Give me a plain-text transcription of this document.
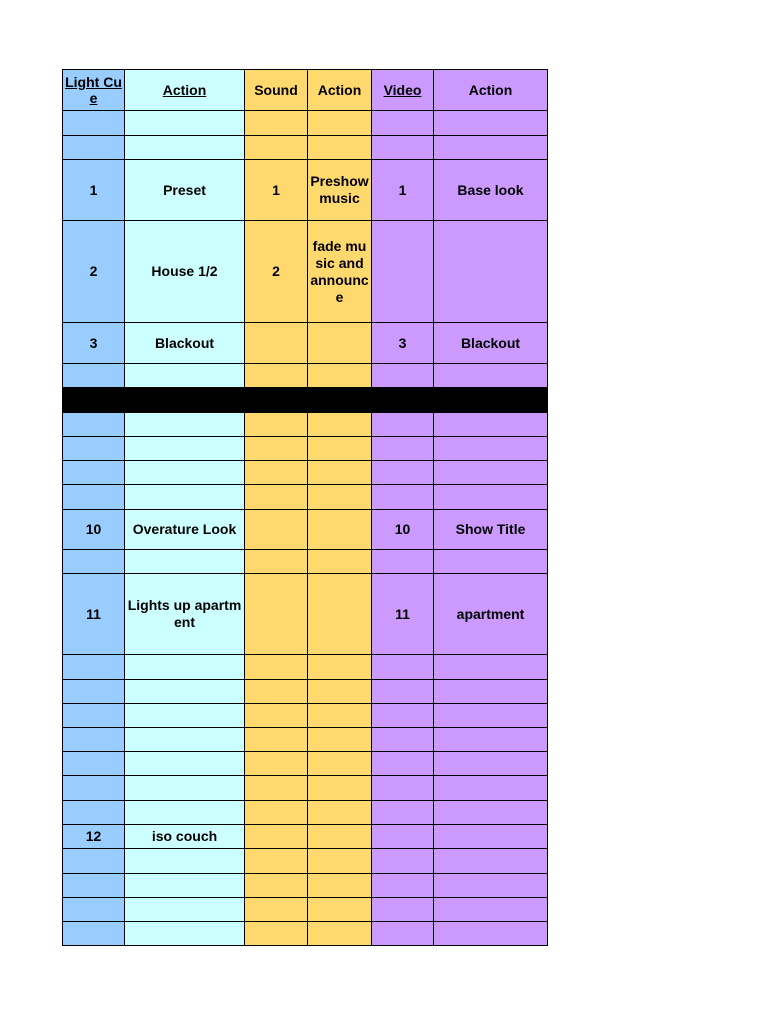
Light Cue	Action	Sound	Action	Video	Action

1	Preset	1	Preshow music	1	Base look
2	House 1/2	2	fade music and announce		
3	Blackout			3	Blackout

10	Overature Look			10	Show Title

11	Lights up apartment			11	apartment

12	iso couch				
